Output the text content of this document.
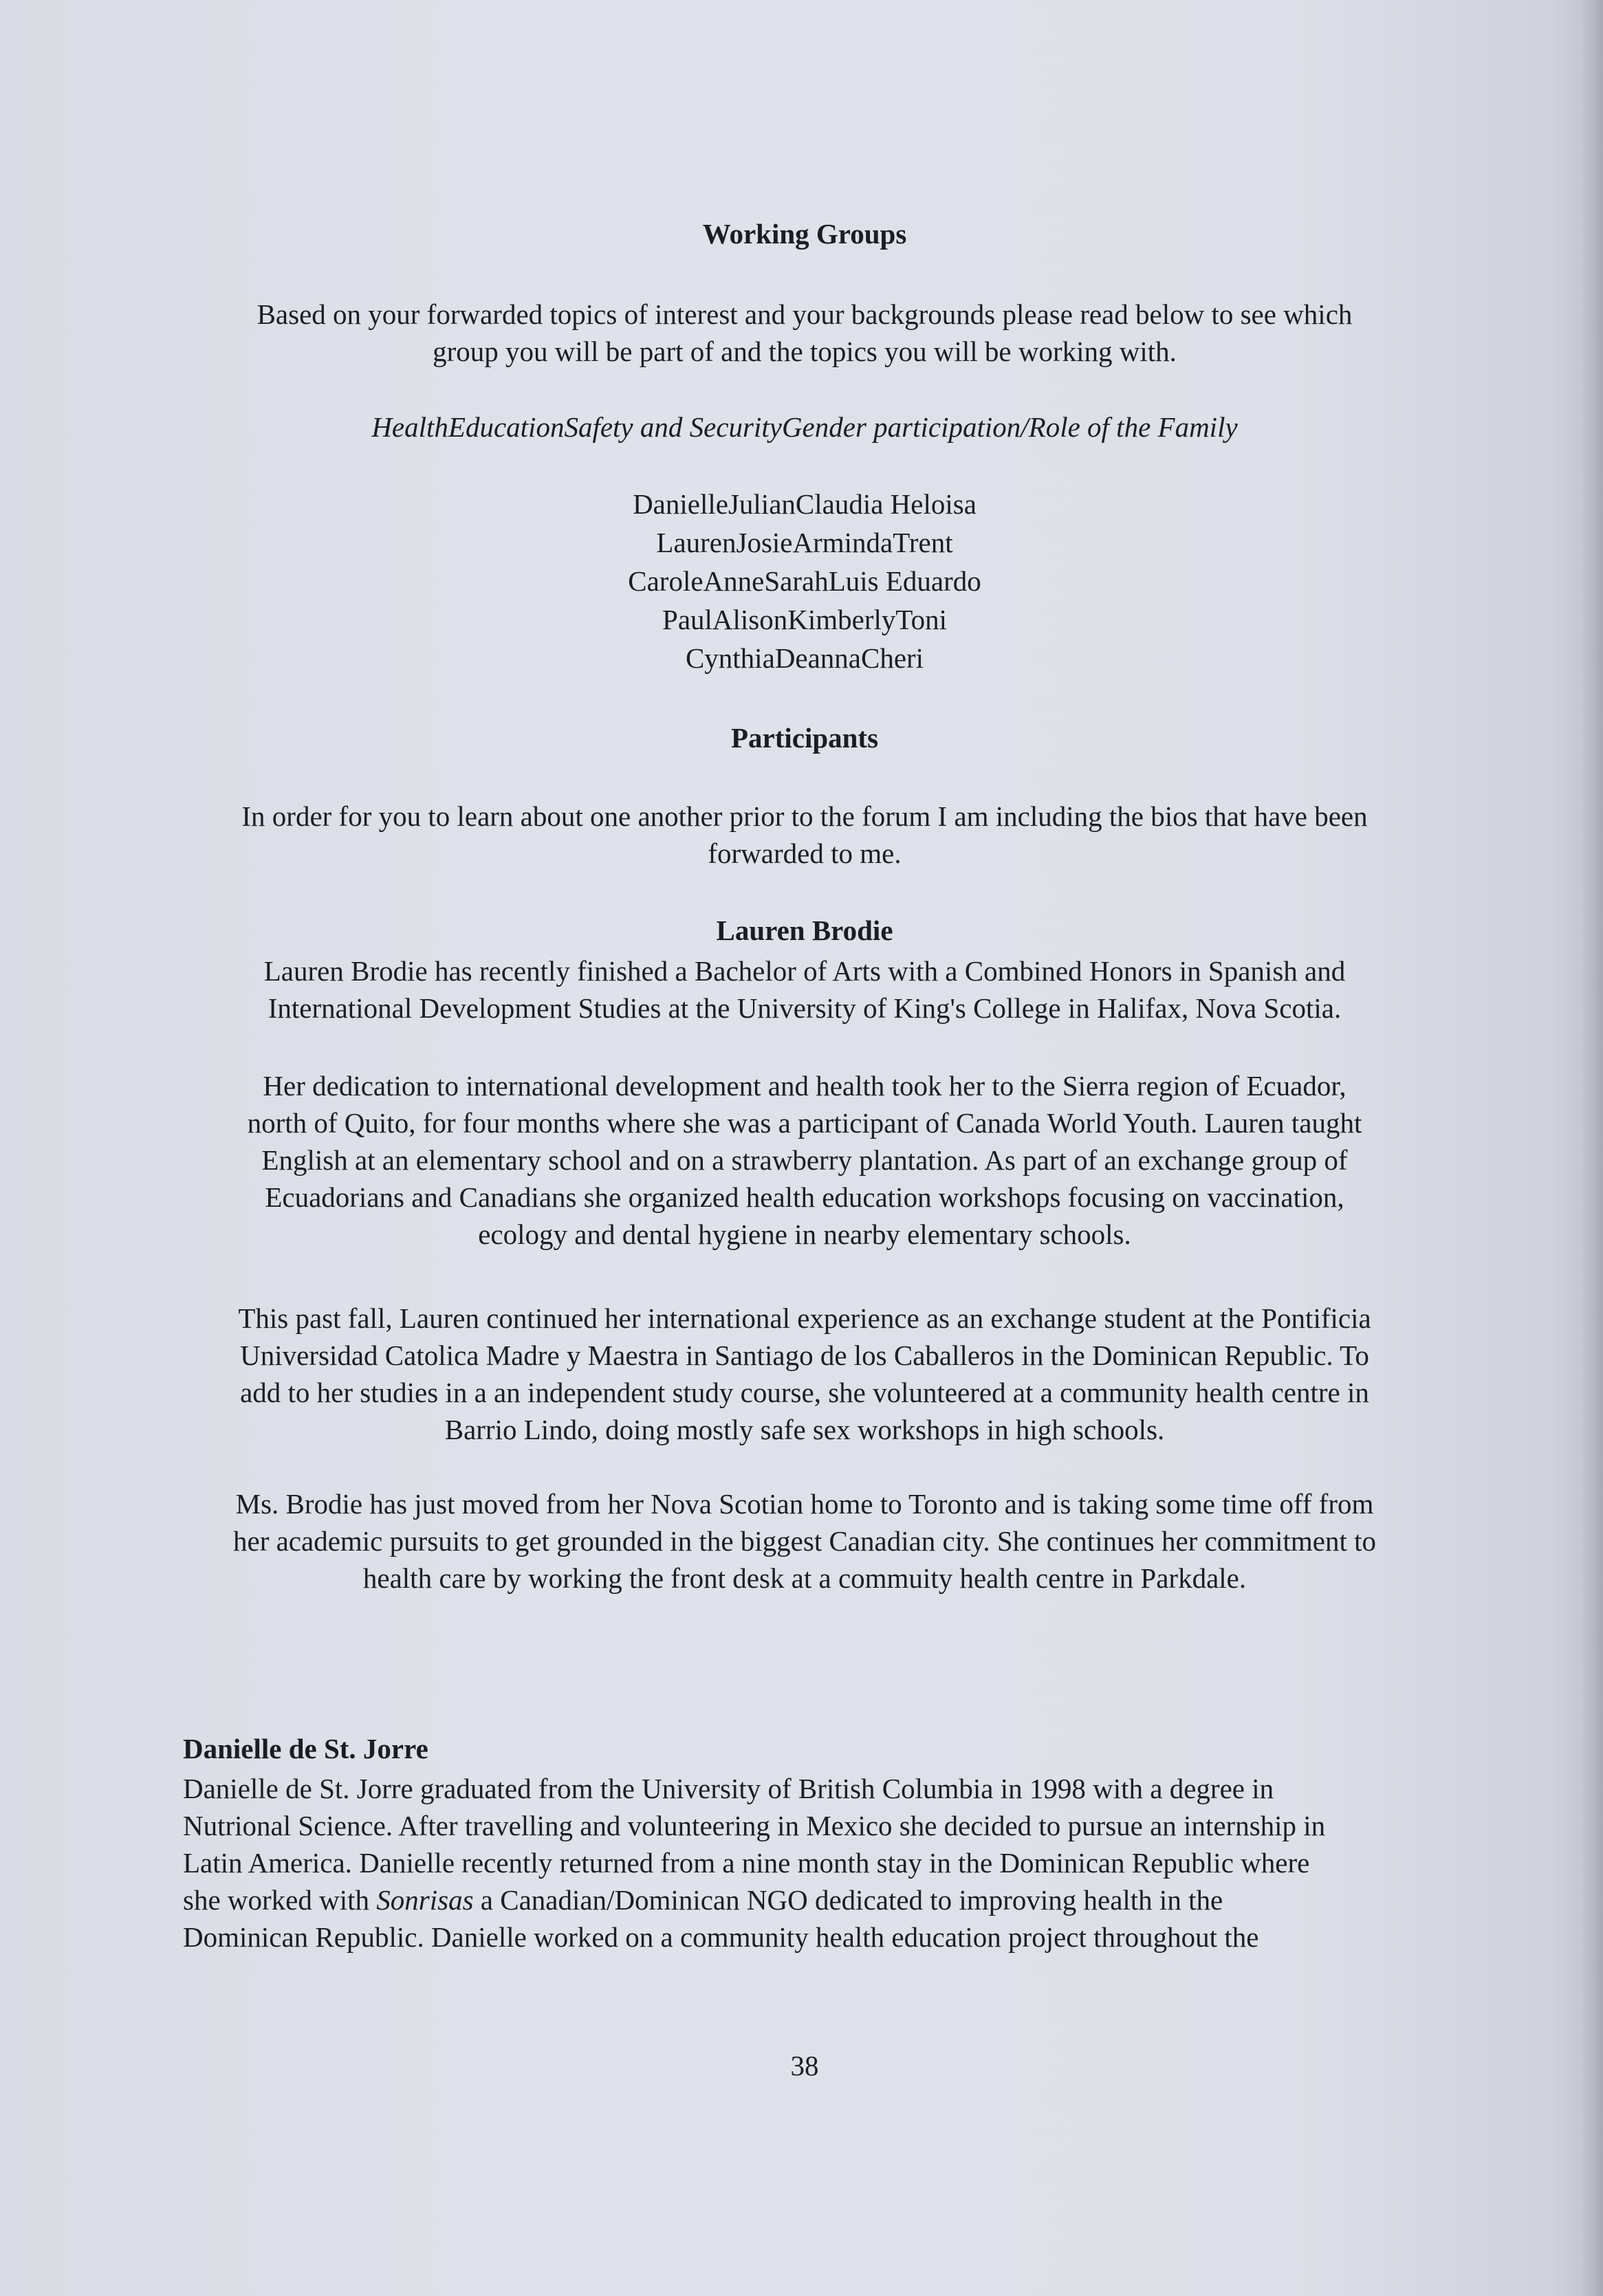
Working Groups

Based on your forwarded topics of interest and your backgrounds please read below to see which

group you will be part of and the topics you will be working with.

HealthEducationSafety and SecurityGender participation/Role of the Family
DanielleJulianClaudia Heloisa
LaurenJosieArmindaTrent
CaroleAnneSarahLuis Eduardo
PaulAlisonKimberlyToni
CynthiaDeannaCheri
Participants

In order for you to learn about one another prior to the forum I am including the bios that have been

forwarded to me.

Lauren Brodie

Lauren Brodie has recently finished a Bachelor of Arts with a Combined Honors in Spanish and

International Development Studies at the University of King's College in Halifax, Nova Scotia.

Her dedication to international development and health took her to the Sierra region of Ecuador,

north of Quito, for four months where she was a participant of Canada World Youth. Lauren taught

English at an elementary school and on a strawberry plantation. As part of an exchange group of

Ecuadorians and Canadians she organized health education workshops focusing on vaccination,

ecology and dental hygiene in nearby elementary schools.

This past fall, Lauren continued her international experience as an exchange student at the Pontificia

Universidad Catolica Madre y Maestra in Santiago de los Caballeros in the Dominican Republic. To

add to her studies in a an independent study course, she volunteered at a community health centre in

Barrio Lindo, doing mostly safe sex workshops in high schools.

Ms. Brodie has just moved from her Nova Scotian home to Toronto and is taking some time off from

her academic pursuits to get grounded in the biggest Canadian city. She continues her commitment to

health care by working the front desk at a commuity health centre in Parkdale.

Danielle de St. Jorre

Danielle de St. Jorre graduated from the University of British Columbia in 1998 with a degree in

Nutrional Science. After travelling and volunteering in Mexico she decided to pursue an internship in

Latin America. Danielle recently returned from a nine month stay in the Dominican Republic where

she worked with Sonrisas a Canadian/Dominican NGO dedicated to improving health in the

Dominican Republic. Danielle worked on a community health education project throughout the

38
